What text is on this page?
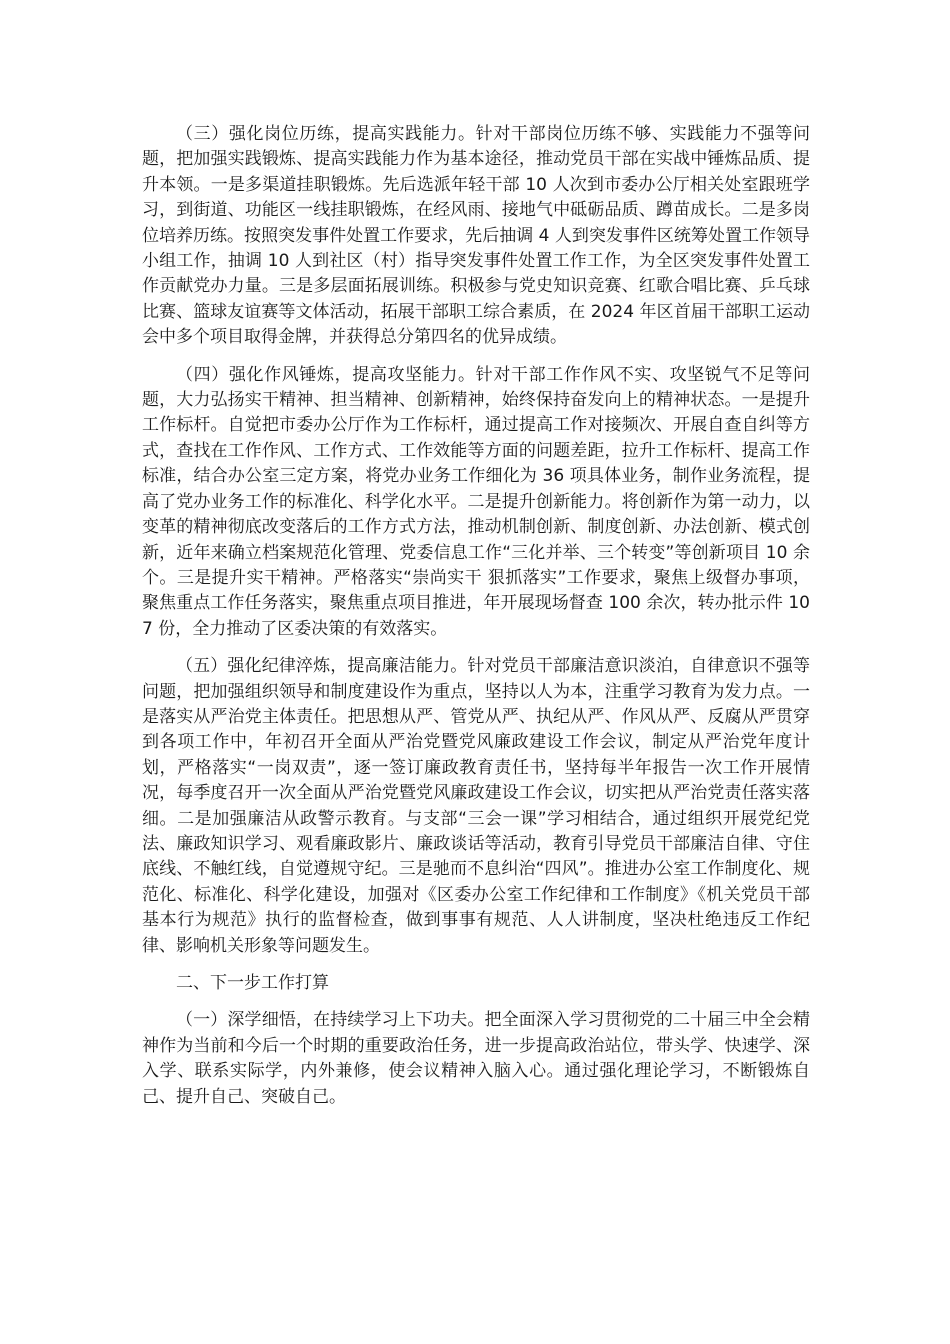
（三）强化岗位历练，提高实践能力。针对干部岗位历练不够、实践能力不强等问题，把加强实践锻炼、提高实践能力作为基本途径，推动党员干部在实战中锤炼品质、提升本领。一是多渠道挂职锻炼。先后选派年轻干部 10 人次到市委办公厅相关处室跟班学习，到街道、功能区一线挂职锻炼，在经风雨、接地气中砥砺品质、蹲苗成长。二是多岗位培养历练。按照突发事件处置工作要求，先后抽调 4 人到突发事件区统筹处置工作领导小组工作，抽调 10 人到社区（村）指导突发事件处置工作工作，为全区突发事件处置工作贡献党办力量。三是多层面拓展训练。积极参与党史知识竞赛、红歌合唱比赛、乒乓球比赛、篮球友谊赛等文体活动，拓展干部职工综合素质，在 2024 年区首届干部职工运动会中多个项目取得金牌，并获得总分第四名的优异成绩。

（四）强化作风锤炼，提高攻坚能力。针对干部工作作风不实、攻坚锐气不足等问题，大力弘扬实干精神、担当精神、创新精神，始终保持奋发向上的精神状态。一是提升工作标杆。自觉把市委办公厅作为工作标杆，通过提高工作对接频次、开展自查自纠等方式，查找在工作作风、工作方式、工作效能等方面的问题差距，拉升工作标杆、提高工作标准，结合办公室三定方案，将党办业务工作细化为 36 项具体业务，制作业务流程，提高了党办业务工作的标准化、科学化水平。二是提升创新能力。将创新作为第一动力，以变革的精神彻底改变落后的工作方式方法，推动机制创新、制度创新、办法创新、模式创新，近年来确立档案规范化管理、党委信息工作“三化并举、三个转变”等创新项目 10 余个。三是提升实干精神。严格落实“崇尚实干 狠抓落实”工作要求，聚焦上级督办事项，聚焦重点工作任务落实，聚焦重点项目推进，年开展现场督查 100 余次，转办批示件 107 份，全力推动了区委决策的有效落实。

（五）强化纪律淬炼，提高廉洁能力。针对党员干部廉洁意识淡泊，自律意识不强等问题，把加强组织领导和制度建设作为重点，坚持以人为本，注重学习教育为发力点。一是落实从严治党主体责任。把思想从严、管党从严、执纪从严、作风从严、反腐从严贯穿到各项工作中，年初召开全面从严治党暨党风廉政建设工作会议，制定从严治党年度计划，严格落实“一岗双责”，逐一签订廉政教育责任书，坚持每半年报告一次工作开展情况，每季度召开一次全面从严治党暨党风廉政建设工作会议，切实把从严治党责任落实落细。二是加强廉洁从政警示教育。与支部“三会一课”学习相结合，通过组织开展党纪党法、廉政知识学习、观看廉政影片、廉政谈话等活动，教育引导党员干部廉洁自律、守住底线、不触红线，自觉遵规守纪。三是驰而不息纠治“四风”。推进办公室工作制度化、规范化、标准化、科学化建设，加强对《区委办公室工作纪律和工作制度》《机关党员干部基本行为规范》执行的监督检查，做到事事有规范、人人讲制度，坚决杜绝违反工作纪律、影响机关形象等问题发生。

二、下一步工作打算

（一）深学细悟，在持续学习上下功夫。把全面深入学习贯彻党的二十届三中全会精神作为当前和今后一个时期的重要政治任务，进一步提高政治站位，带头学、快速学、深入学、联系实际学，内外兼修，使会议精神入脑入心。通过强化理论学习，不断锻炼自己、提升自己、突破自己。
